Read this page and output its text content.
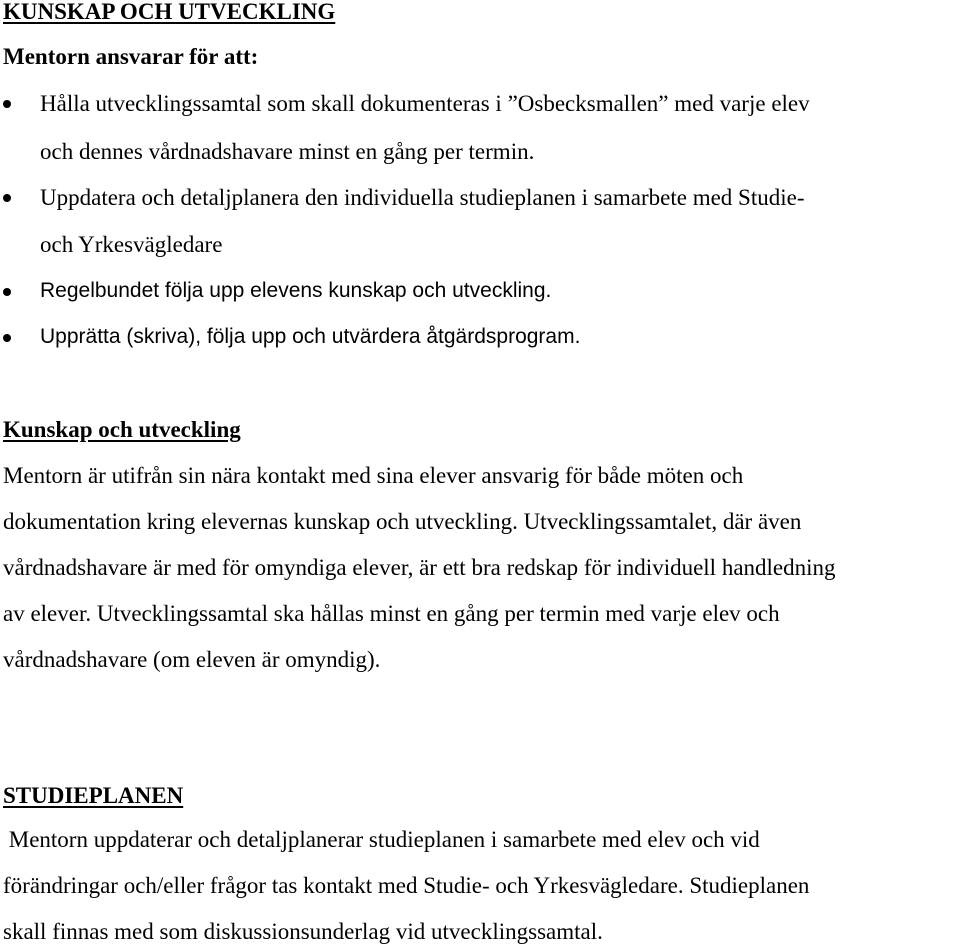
KUNSKAP OCH UTVECKLING
Mentorn ansvarar för att:
Hålla utvecklingssamtal som skall dokumenteras i ”Osbecksmallen” med varje elev
och dennes vårdnadshavare minst en gång per termin.
Uppdatera och detaljplanera den individuella studieplanen i samarbete med Studie-
och Yrkesvägledare
Regelbundet följa upp elevens kunskap och utveckling.
Upprätta (skriva), följa upp och utvärdera åtgärdsprogram.
Kunskap och utveckling
Mentorn är utifrån sin nära kontakt med sina elever ansvarig för både möten och
dokumentation kring elevernas kunskap och utveckling. Utvecklingssamtalet, där även
vårdnadshavare är med för omyndiga elever, är ett bra redskap för individuell handledning
av elever. Utvecklingssamtal ska hållas minst en gång per termin med varje elev och
vårdnadshavare (om eleven är omyndig).
STUDIEPLANEN
Mentorn uppdaterar och detaljplanerar studieplanen i samarbete med elev och vid
förändringar och/eller frågor tas kontakt med Studie- och Yrkesvägledare. Studieplanen
skall finnas med som diskussionsunderlag vid utvecklingssamtal.
